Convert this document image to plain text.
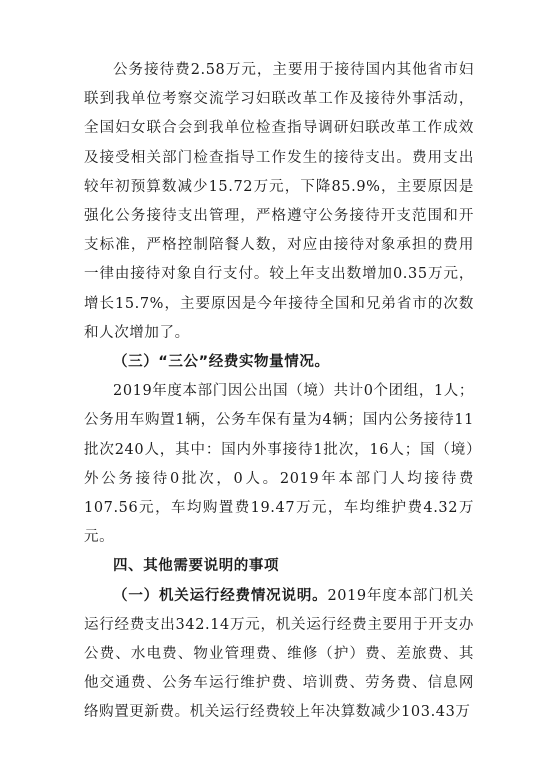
公务接待费2.58万元，主要用于接待国内其他省市妇联到我单位考察交流学习妇联改革工作及接待外事活动，全国妇女联合会到我单位检查指导调研妇联改革工作成效及接受相关部门检查指导工作发生的接待支出。费用支出较年初预算数减少15.72万元，下降85.9%，主要原因是强化公务接待支出管理，严格遵守公务接待开支范围和开支标准，严格控制陪餐人数，对应由接待对象承担的费用一律由接待对象自行支付。较上年支出数增加0.35万元，增长15.7%，主要原因是今年接待全国和兄弟省市的次数和人次增加了。

（三）“三公”经费实物量情况。

2019年度本部门因公出国（境）共计0个团组，1人；公务用车购置1辆，公务车保有量为4辆；国内公务接待11批次240人，其中：国内外事接待1批次，16人；国（境）外公务接待0批次，0人。2019年本部门人均接待费107.56元，车均购置费19.47万元，车均维护费4.32万元。

四、其他需要说明的事项

（一）机关运行经费情况说明。2019年度本部门机关运行经费支出342.14万元，机关运行经费主要用于开支办公费、水电费、物业管理费、维修（护）费、差旅费、其他交通费、公务车运行维护费、培训费、劳务费、信息网络购置更新费。机关运行经费较上年决算数减少103.43万
